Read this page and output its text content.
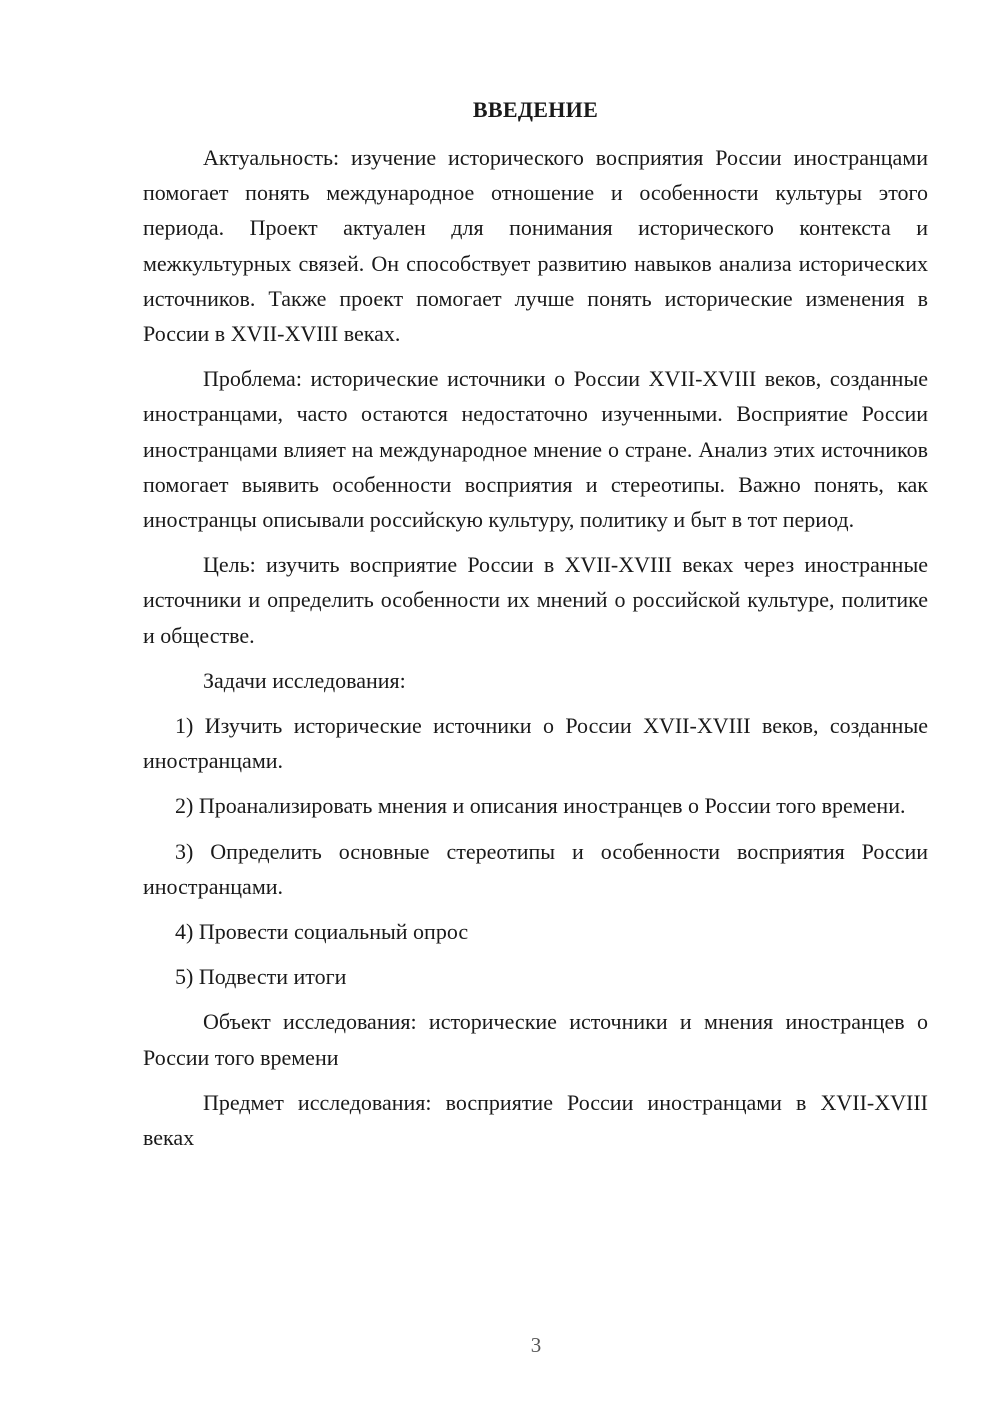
ВВЕДЕНИЕ

Актуальность: изучение исторического восприятия России иностранцами помогает понять международное отношение и особенности культуры этого периода. Проект актуален для понимания исторического контекста и межкультурных связей. Он способствует развитию навыков анализа исторических источников. Также проект помогает лучше понять исторические изменения в России в XVII-XVIII веках.

Проблема: исторические источники о России XVII-XVIII веков, созданные иностранцами, часто остаются недостаточно изученными. Восприятие России иностранцами влияет на международное мнение о стране. Анализ этих источников помогает выявить особенности восприятия и стереотипы. Важно понять, как иностранцы описывали российскую культуру, политику и быт в тот период.

Цель: изучить восприятие России в XVII-XVIII веках через иностранные источники и определить особенности их мнений о российской культуре, политике и обществе.

Задачи исследования:

1) Изучить исторические источники о России XVII-XVIII веков, созданные иностранцами.

2) Проанализировать мнения и описания иностранцев о России того времени.

3) Определить основные стереотипы и особенности восприятия России иностранцами.

4) Провести социальный опрос

5) Подвести итоги

Объект исследования: исторические источники и мнения иностранцев о России того времени

Предмет исследования: восприятие России иностранцами в XVII-XVIII веках

3
